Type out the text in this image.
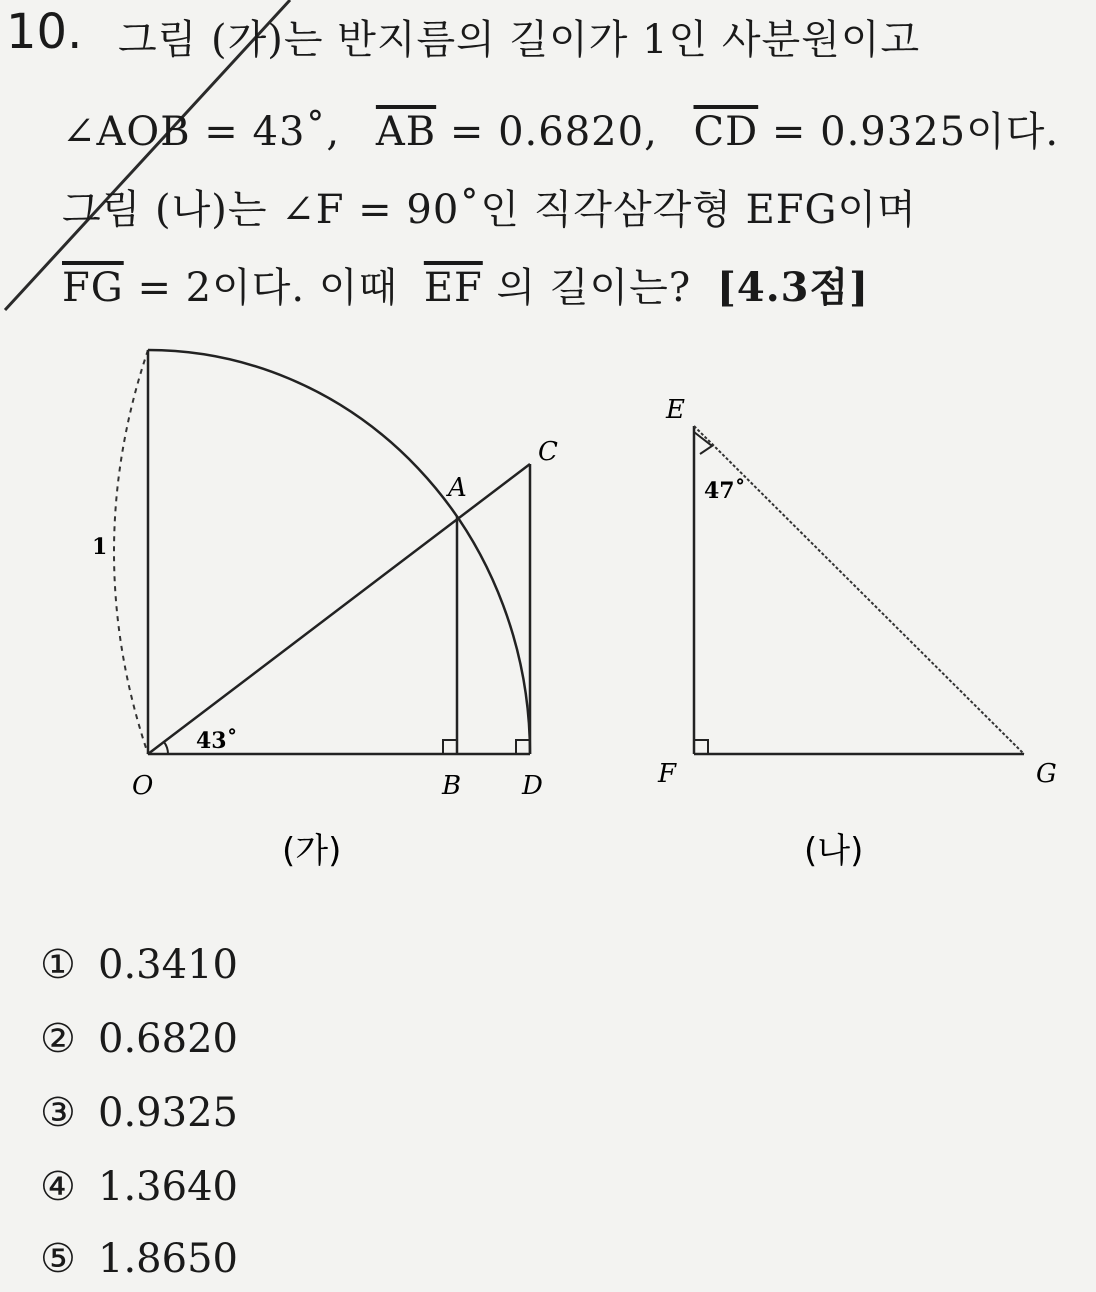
10. 그림 (가)는 반지름의 길이가 1인 사분원이고
∠AOB = 43˚, $\overline{AB} = 0.6820$, $\overline{CD} = 0.9325$이다.
그림 (나)는 ∠F = 90˚인 직각삼각형 EFG이며
$\overline{FG} = 2$이다. 이때 $\overline{EF}$ 의 길이는? [4.3점]
43˚
1
O
A
B
C
D
(가)
47˚
E
F	G
(나)
① 0.3410
② 0.6820
③ 0.9325
④ 1.3640
⑤ 1.8650
